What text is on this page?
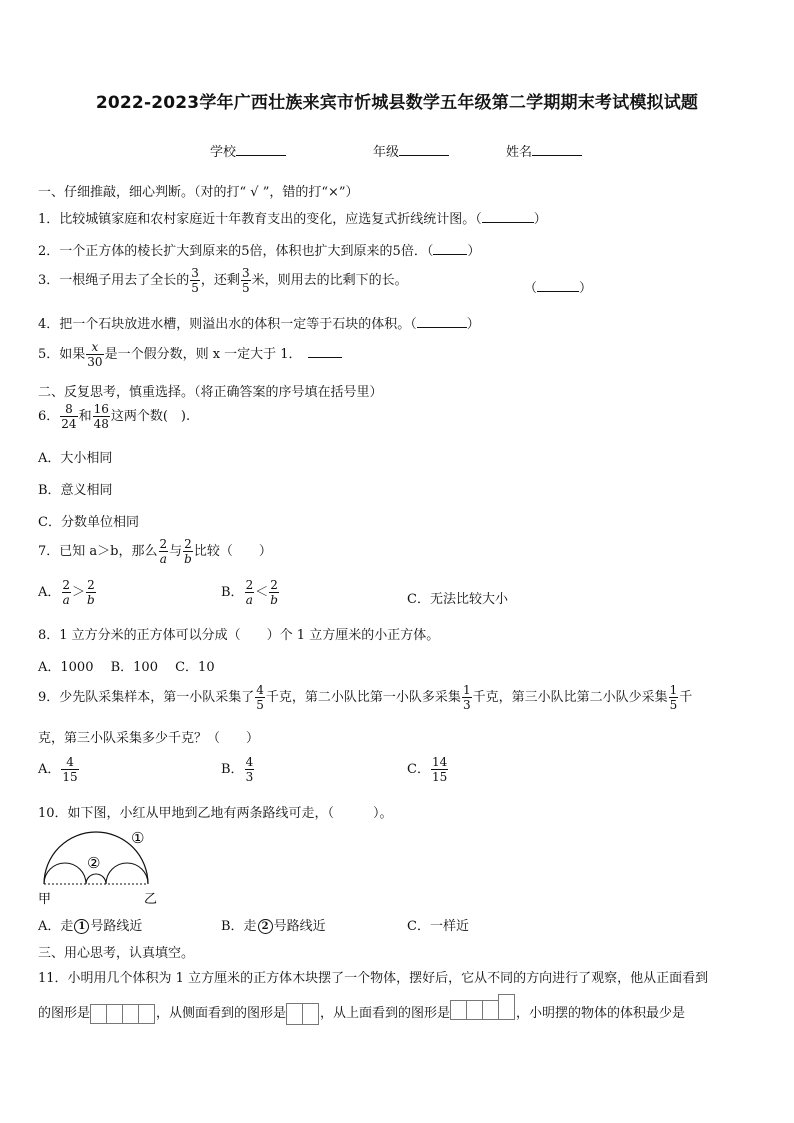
2022-2023学年广西壮族来宾市忻城县数学五年级第二学期期末考试模拟试题
学校	年级	姓名
一、仔细推敲，细心判断。（对的打“ √ ”，错的打“×”）
1．比较城镇家庭和农村家庭近十年教育支出的变化，应选复式折线统计图。（	）
2．一个正方体的棱长扩大到原来的5倍，体积也扩大到原来的5倍．（	）
3．一根绳子用去了全长的 $\frac{3}{5}$ ，还剩 $\frac{3}{5}$ 米，则用去的比剩下的长。
（	）
4．把一个石块放进水槽，则溢出水的体积一定等于石块的体积。（	）
5．如果 $\frac{x}{30}$ 是一个假分数，则 x 一定大于 1．
二、反复思考，慎重选择。（将正确答案的序号填在括号里）
6． $\frac{8}{24}$ 和 $\frac{16}{48}$ 这两个数(　).
A．大小相同
B．意义相同
C．分数单位相同
7．已知 a＞b，那么 $\frac{2}{a}$ 与 $\frac{2}{b}$ 比较（　　）
A． $\frac{2}{a} > \frac{2}{b}$	B． $\frac{2}{a} < \frac{2}{b}$	C．无法比较大小
8．1 立方分米的正方体可以分成（　　）个 1 立方厘米的小正方体。
A．1000　 B．100　 C．10
9．少先队采集样本，第一小队采集了 $\frac{4}{5}$ 千克，第二小队比第一小队多采集 $\frac{1}{3}$ 千克，第三小队比第二小队少采集 $\frac{1}{5}$ 千
克，第三小队采集多少千克？（　　）
A． $\frac{4}{15}$	B． $\frac{4}{3}$	C． $\frac{14}{15}$
10．如下图，小红从甲地到乙地有两条路线可走，（　　　）。
①
②
甲	乙
A．走 1 号路线近	B．走 2 号路线近	C．一样近
三、用心思考，认真填空。
11．小明用几个体积为 1 立方厘米的正方体木块摆了一个物体，摆好后，它从不同的方向进行了观察，他从正面看到
的图形是	，从侧面看到的图形是	，从上面看到的图形是	，小明摆的物体的体积最少是
